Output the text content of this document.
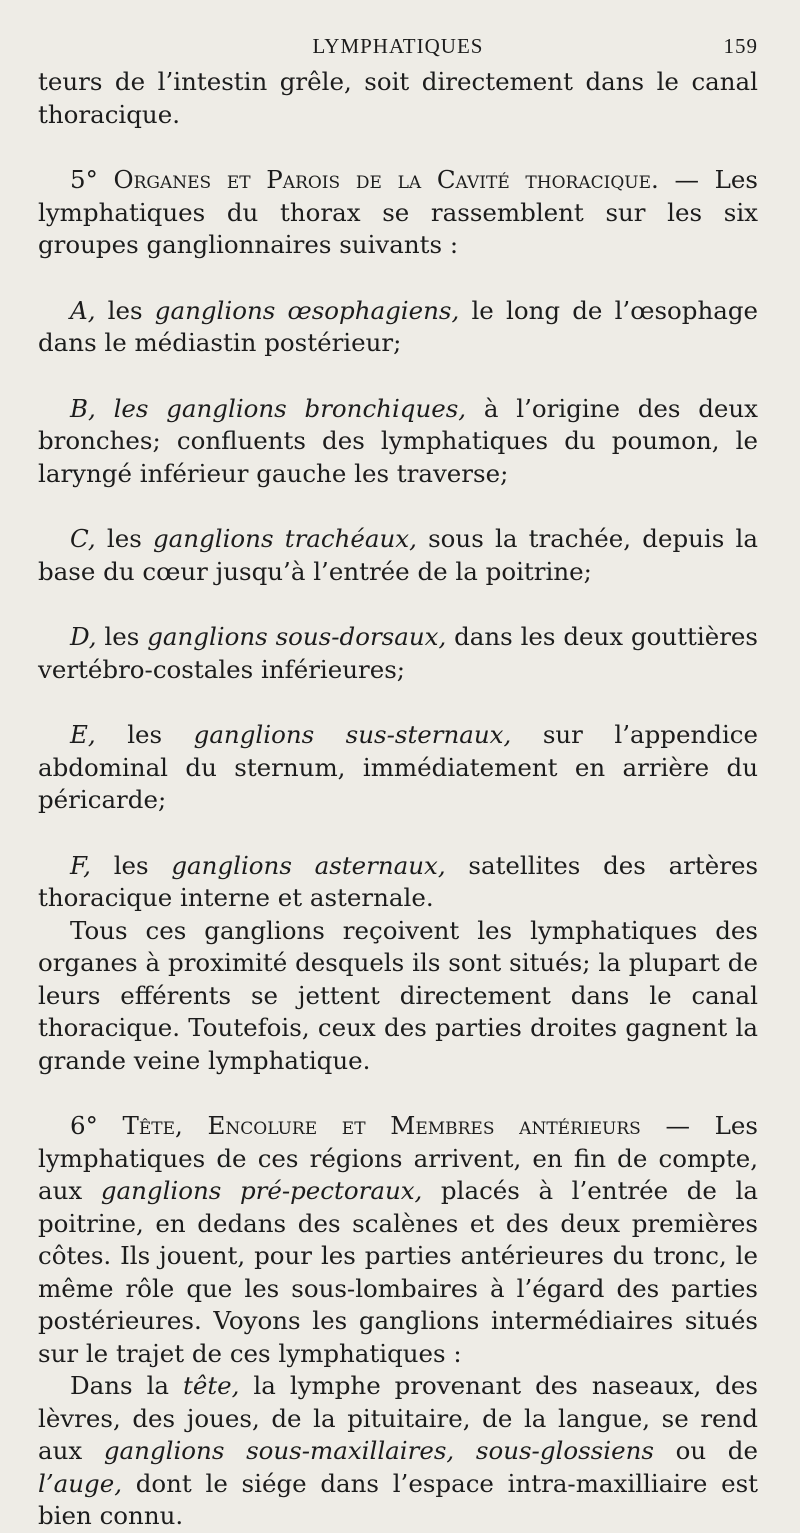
LYMPHATIQUES	159

teurs de l’intestin grêle, soit directement dans le canal thoracique.

5° Organes et Parois de la Cavité thoracique. — Les lymphatiques du thorax se rassemblent sur les six groupes ganglionnaires suivants :

A, les ganglions œsophagiens, le long de l’œsophage dans le médiastin postérieur;

B, les ganglions bronchiques, à l’origine des deux bronches; confluents des lymphatiques du poumon, le laryngé inférieur gauche les traverse;

C, les ganglions trachéaux, sous la trachée, depuis la base du cœur jusqu’à l’entrée de la poitrine;

D, les ganglions sous-dorsaux, dans les deux gouttières vertébro-costales inférieures;

E, les ganglions sus-sternaux, sur l’appendice abdominal du sternum, immédiatement en arrière du péricarde;

F, les ganglions asternaux, satellites des artères thoracique interne et asternale.

Tous ces ganglions reçoivent les lymphatiques des organes à proximité desquels ils sont situés; la plupart de leurs efférents se jettent directement dans le canal thoracique. Toutefois, ceux des parties droites gagnent la grande veine lymphatique.

6° Tête, Encolure et Membres antérieurs — Les lymphatiques de ces régions arrivent, en fin de compte, aux ganglions pré-pectoraux, placés à l’entrée de la poitrine, en dedans des scalènes et des deux premières côtes. Ils jouent, pour les parties antérieures du tronc, le même rôle que les sous-lombaires à l’égard des parties postérieures. Voyons les ganglions intermédiaires situés sur le trajet de ces lymphatiques :

Dans la tête, la lymphe provenant des naseaux, des lèvres, des joues, de la pituitaire, de la langue, se rend aux ganglions sous-maxillaires, sous-glossiens ou de l’auge, dont le siége dans l’espace intra-maxilliaire est bien connu.
